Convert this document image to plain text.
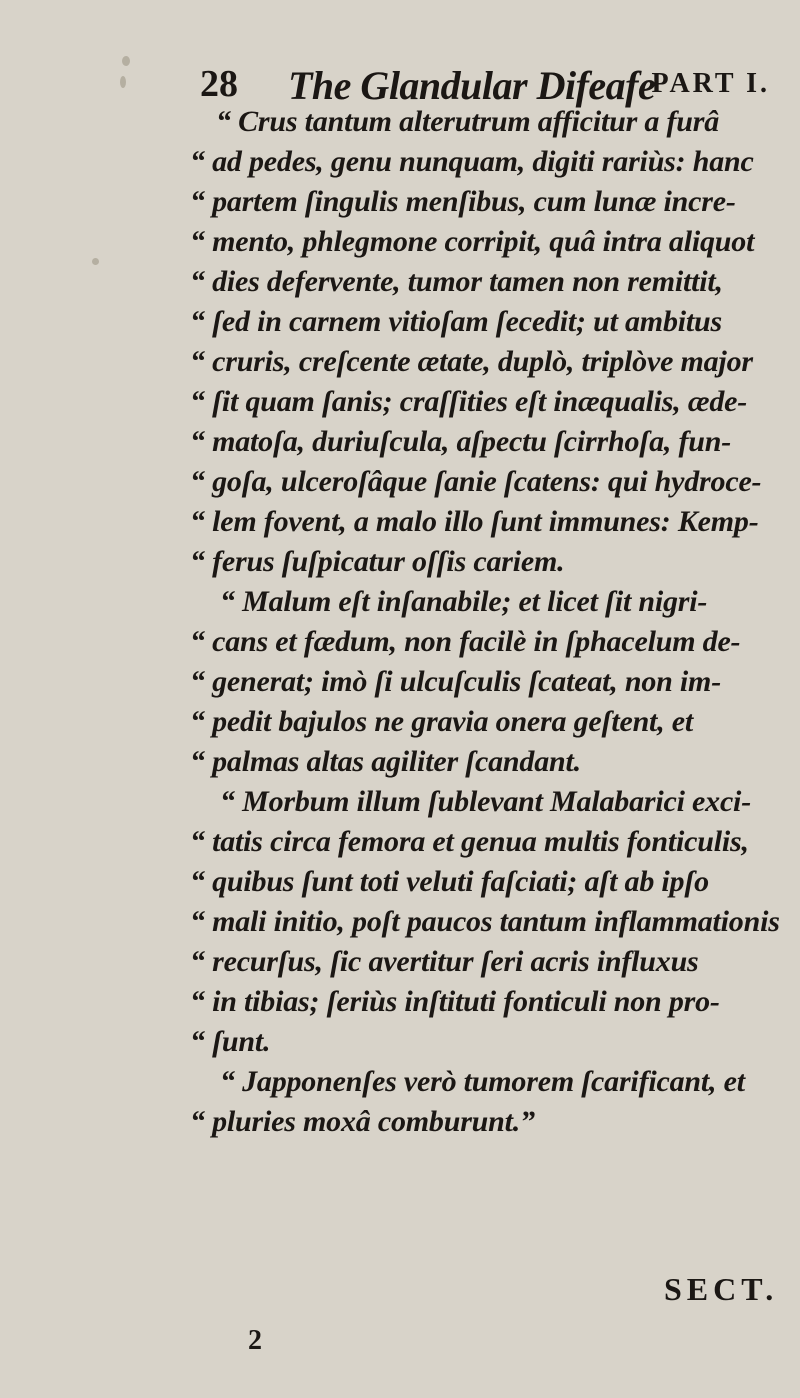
28 The Glandular Difeafe
PART I.
“ Crus tantum alterutrum afficitur a furâ
“ ad pedes, genu nunquam, digiti rariùs: hanc
“ partem ſingulis menſibus, cum lunæ incre-
“ mento, phlegmone corripit, quâ intra aliquot
“ dies defervente, tumor tamen non remittit,
“ ſed in carnem vitioſam ſecedit; ut ambitus
“ cruris, creſcente ætate, duplò, triplòve major
“ ſit quam ſanis; craſſities eſt inæqualis, æde-
“ matoſa, duriuſcula, aſpectu ſcirrhoſa, fun-
“ goſa, ulceroſâque ſanie ſcatens: qui hydroce-
“ lem fovent, a malo illo ſunt immunes: Kemp-
“ ferus ſuſpicatur oſſis cariem.
“ Malum eſt inſanabile; et licet ſit nigri-
“ cans et fædum, non facilè in ſphacelum de-
“ generat; imò ſi ulcuſculis ſcateat, non im-
“ pedit bajulos ne gravia onera geſtent, et
“ palmas altas agiliter ſcandant.
“ Morbum illum ſublevant Malabarici exci-
“ tatis circa femora et genua multis fonticulis,
“ quibus ſunt toti veluti faſciati; aſt ab ipſo
“ mali initio, poſt paucos tantum inflammationis
“ recurſus, ſic avertitur ſeri acris influxus
“ in tibias; ſeriùs inſtituti fonticuli non pro-
“ ſunt.
“ Japponenſes verò tumorem ſcarificant, et
“ pluries moxâ comburunt.”
SECT.
2
